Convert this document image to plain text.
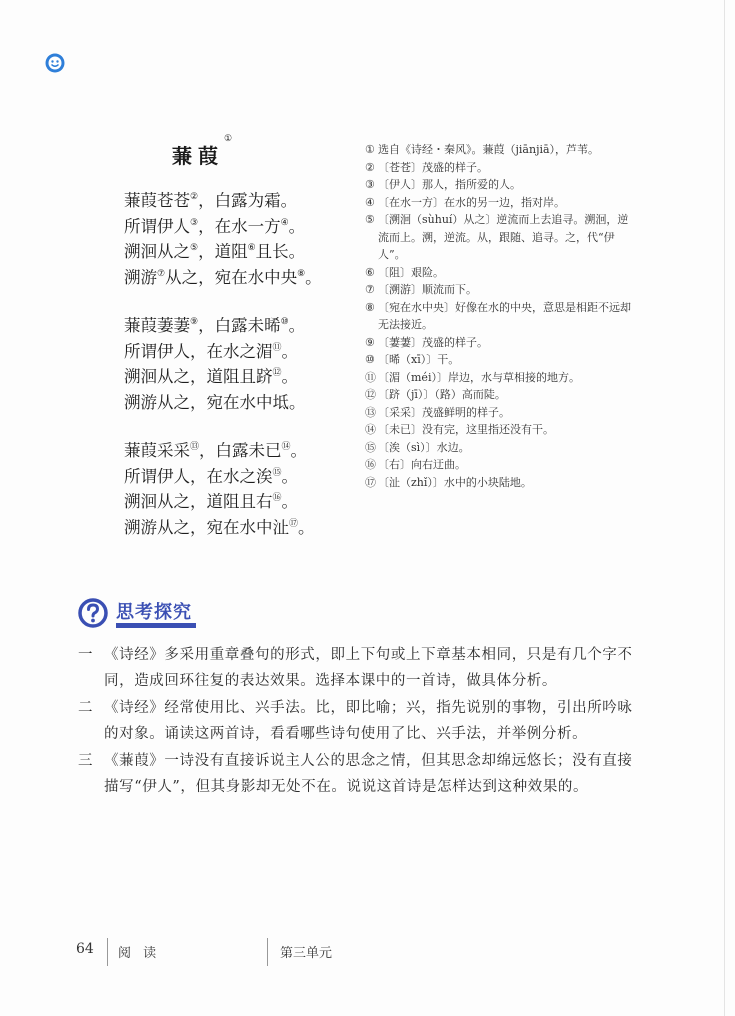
蒹葭①
蒹葭苍苍②，白露为霜。
所谓伊人③，在水一方④。
溯洄从之⑤，道阻⑥且长。
溯游⑦从之，宛在水中央⑧。
蒹葭萋萋⑨，白露未晞⑩。
所谓伊人，在水之湄⑪。
溯洄从之，道阻且跻⑫。
溯游从之，宛在水中坻。
蒹葭采采⑬，白露未已⑭。
所谓伊人，在水之涘⑮。
溯洄从之，道阻且右⑯。
溯游从之，宛在水中沚⑰。
① 选自《诗经・秦风》。蒹葭（jiānjiā），芦苇。
② 〔苍苍〕茂盛的样子。
③ 〔伊人〕那人，指所爱的人。
④ 〔在水一方〕在水的另一边，指对岸。
⑤ 〔溯洄（sùhuí）从之〕逆流而上去追寻。溯洄，逆流而上。溯，逆流。从，跟随、追寻。之，代“伊人”。
⑥ 〔阻〕艰险。
⑦ 〔溯游〕顺流而下。
⑧ 〔宛在水中央〕好像在水的中央，意思是相距不远却无法接近。
⑨ 〔萋萋〕茂盛的样子。
⑩ 〔晞（xī）〕干。
⑪ 〔湄（méi）〕岸边，水与草相接的地方。
⑫ 〔跻（jī）〕（路）高而陡。
⑬ 〔采采〕茂盛鲜明的样子。
⑭ 〔未已〕没有完，这里指还没有干。
⑮ 〔涘（sì）〕水边。
⑯ 〔右〕向右迂曲。
⑰ 〔沚（zhǐ）〕水中的小块陆地。
思考探究
一 《诗经》多采用重章叠句的形式，即上下句或上下章基本相同，只是有几个字不同，造成回环往复的表达效果。选择本课中的一首诗，做具体分析。
二 《诗经》经常使用比、兴手法。比，即比喻；兴，指先说别的事物，引出所吟咏的对象。诵读这两首诗，看看哪些诗句使用了比、兴手法，并举例分析。
三 《蒹葭》一诗没有直接诉说主人公的思念之情，但其思念却绵远悠长；没有直接描写“伊人”，但其身影却无处不在。说说这首诗是怎样达到这种效果的。
64 阅 读	第三单元
